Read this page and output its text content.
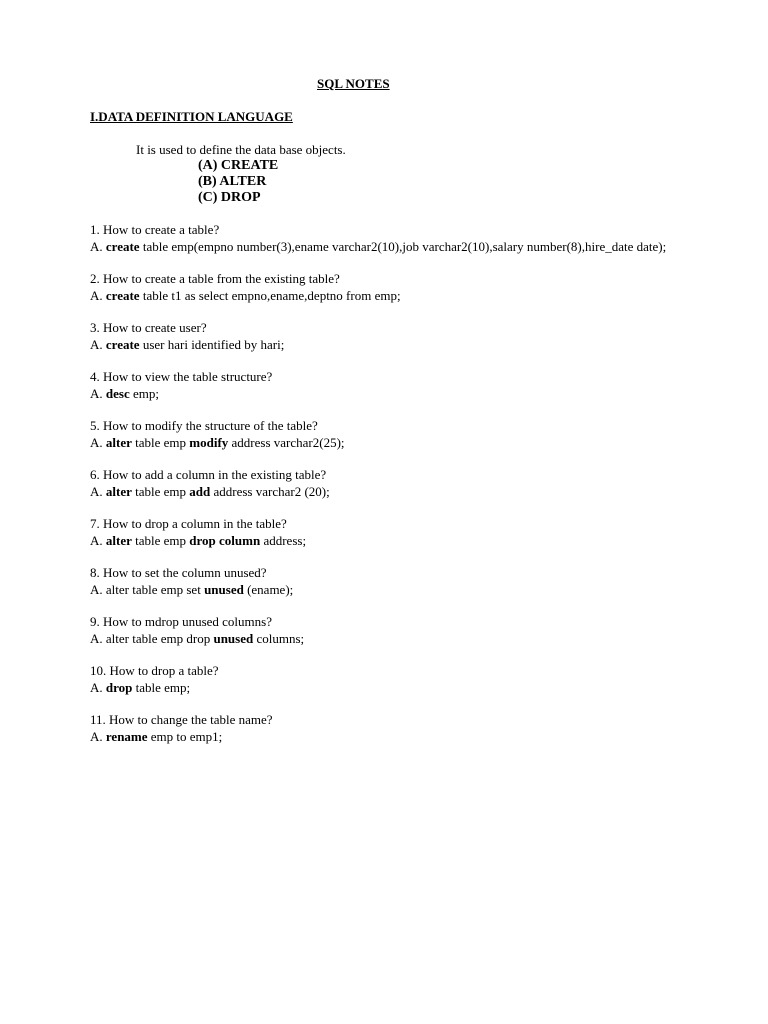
SQL NOTES
I.DATA DEFINITION LANGUAGE
It is used to define the data base objects.
(A) CREATE
(B) ALTER
(C) DROP
1. How to create a table?
A. create table emp(empno number(3),ename varchar2(10),job varchar2(10),salary number(8),hire_date date);
2. How to create a table from the existing table?
A. create table t1 as select empno,ename,deptno from emp;
3. How to create user?
A. create user hari identified by hari;
4. How to view the table structure?
A. desc emp;
5. How to modify the structure of the table?
A. alter table emp modify address varchar2(25);
6. How to add a column in the existing table?
A. alter table emp add address varchar2 (20);
7. How to drop a column in the table?
A. alter table emp drop column address;
8. How to set the column unused?
A. alter table emp set unused (ename);
9. How to mdrop unused columns?
A. alter table emp drop unused columns;
10. How to drop a table?
A. drop table emp;
11. How to change the table name?
A. rename emp to emp1;
